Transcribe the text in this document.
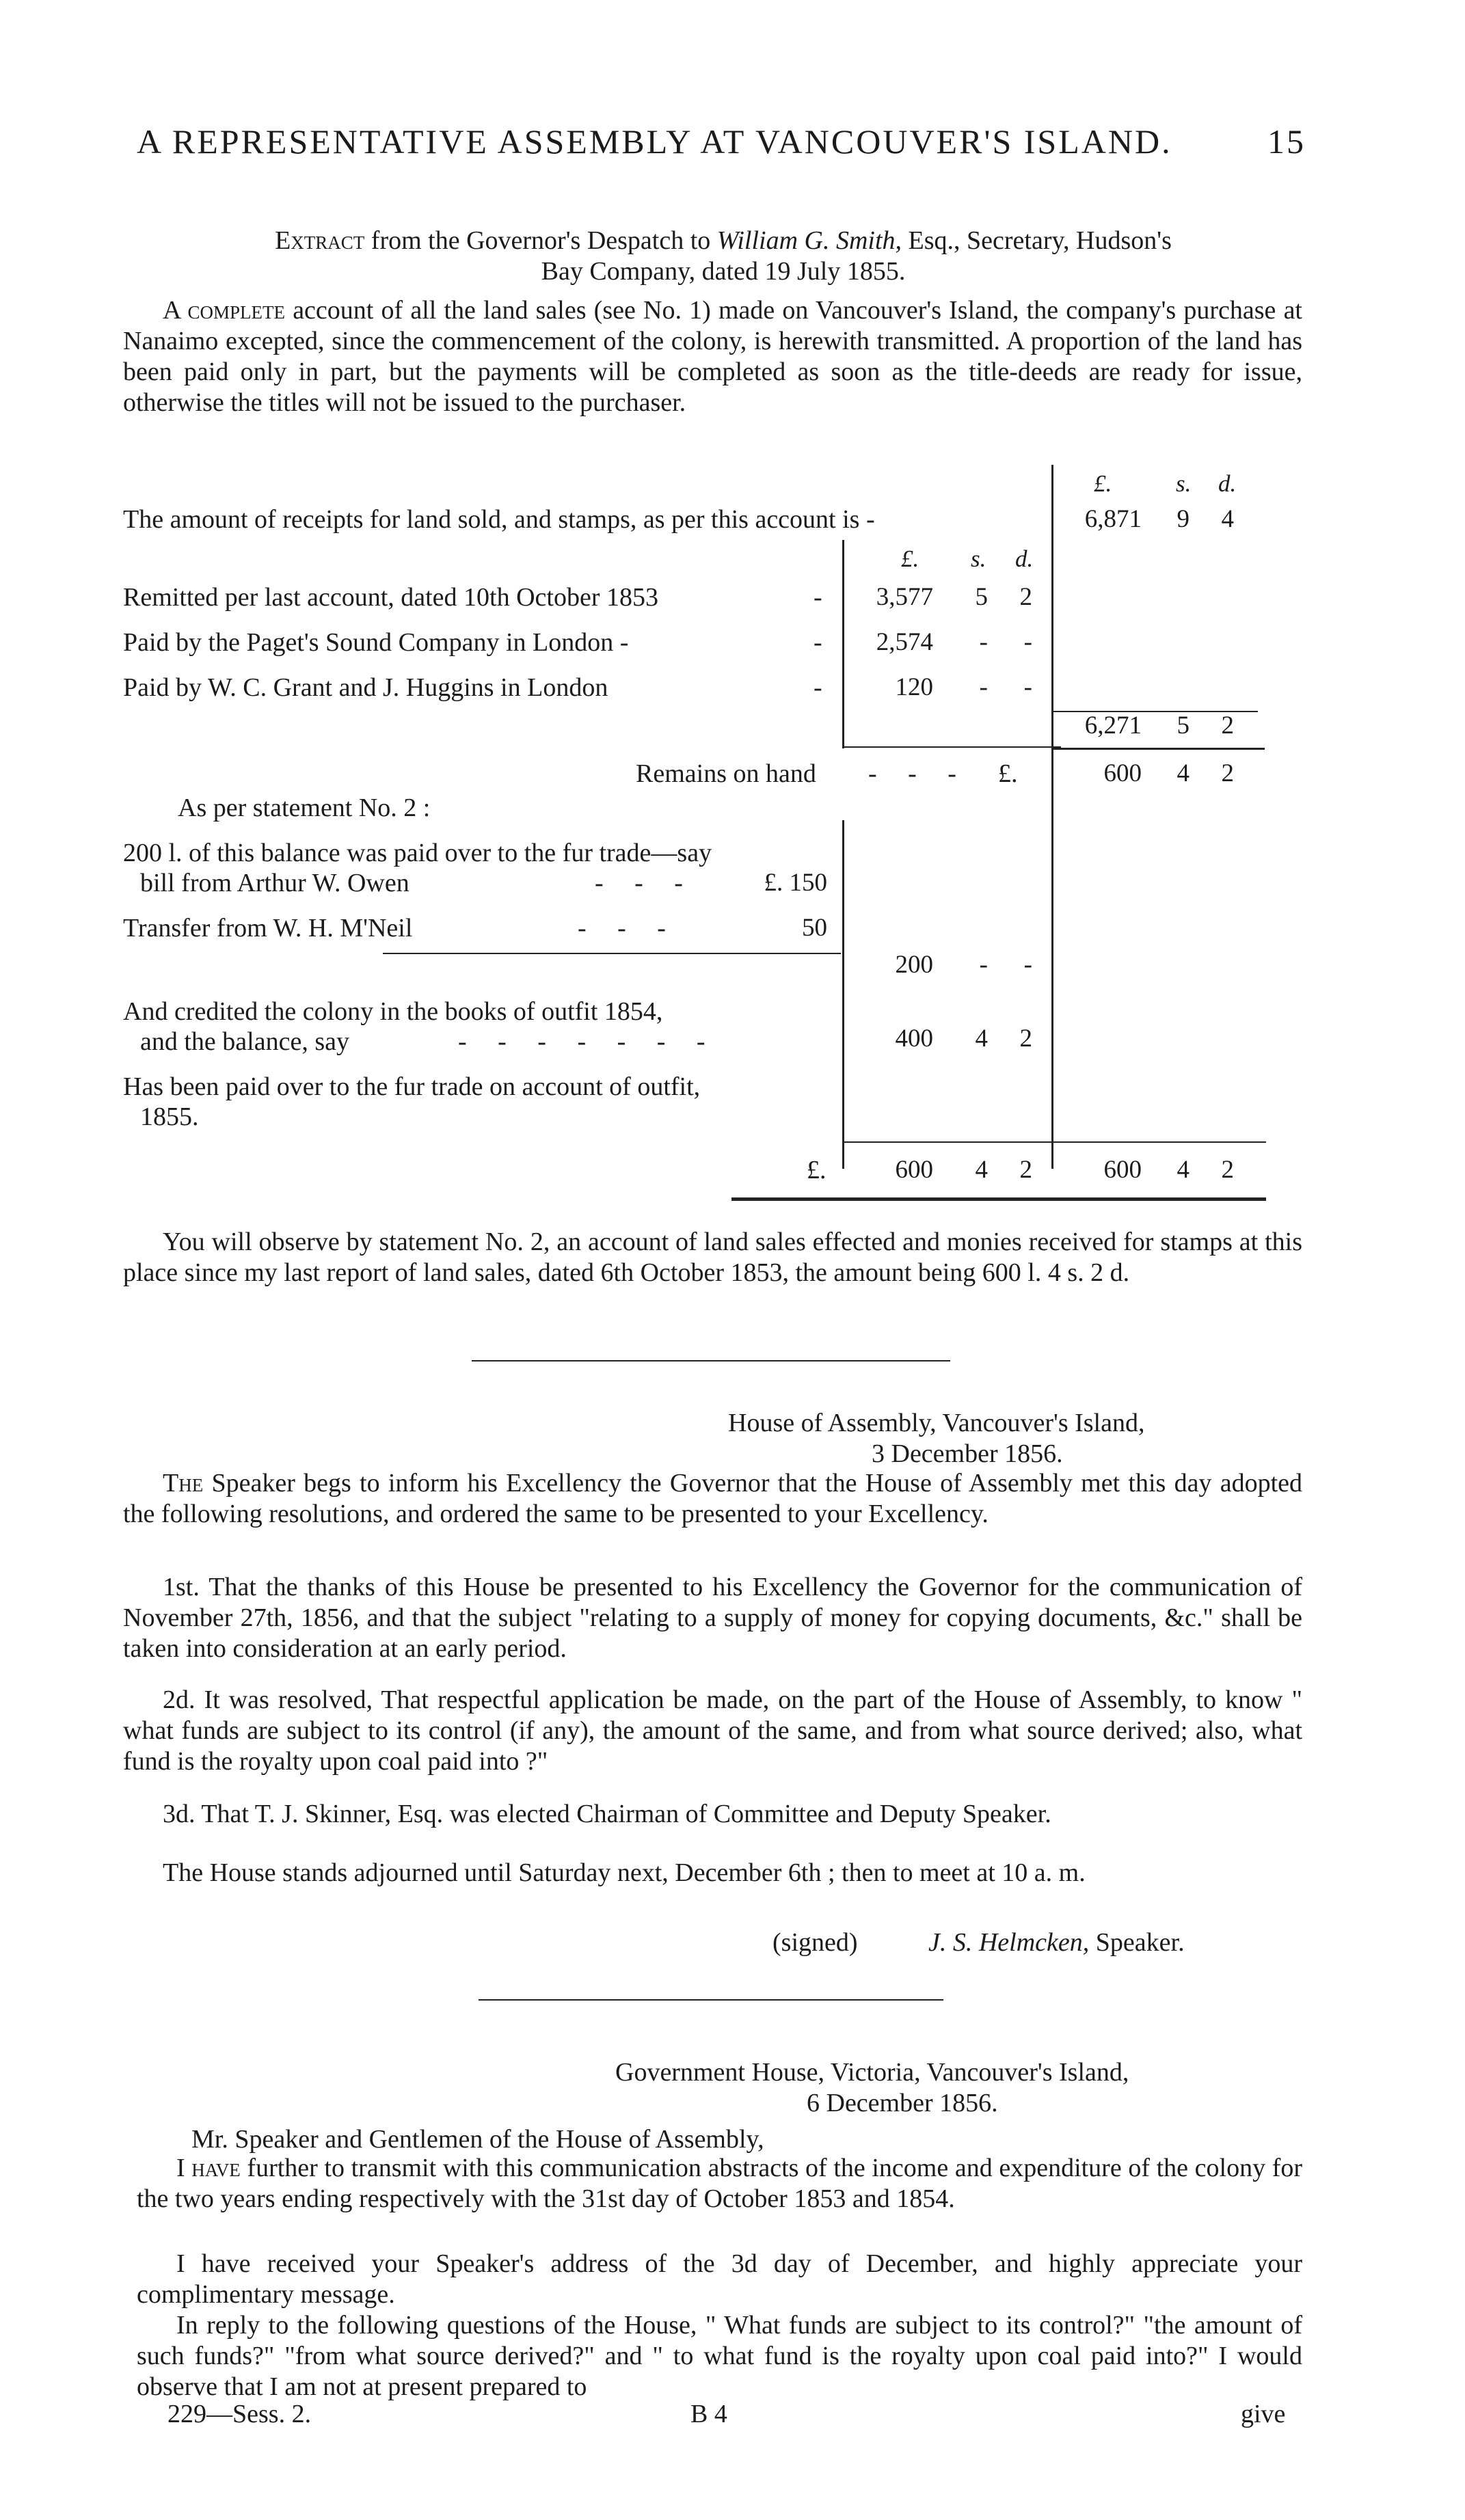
A REPRESENTATIVE ASSEMBLY AT VANCOUVER'S ISLAND.	15
Extract from the Governor's Despatch to William G. Smith, Esq., Secretary, Hudson's
Bay Company, dated 19 July 1855.
A complete account of all the land sales (see No. 1) made on Vancouver's Island, the company's purchase at Nanaimo excepted, since the commencement of the colony, is herewith transmitted. A proportion of the land has been paid only in part, but the payments will be completed as soon as the title-deeds are ready for issue, otherwise the titles will not be issued to the purchaser.
£.	s. d.
The amount of receipts for land sold, and stamps, as per this account is -	6,871	9	4
£. s. d.
Remitted per last account, dated 10th October 1853	-	3,577	5	2
Paid by the Paget's Sound Company in London -	-	2,574	-	-
Paid by W. C. Grant and J. Huggins in London	-	120	-	-
6,271	5	2
Remains on hand - - - £.	600	4	2
As per statement No. 2 :
200 l. of this balance was paid over to the fur trade—say
bill from Arthur W. Owen	- - -	£. 150
Transfer from W. H. M'Neil	- - -	50
200	-	-
And credited the colony in the books of outfit 1854,
and the balance, say	- - - - - - -	400	4	2
Has been paid over to the fur trade on account of outfit,
1855.
£.	600	4	2	600	4	2
You will observe by statement No. 2, an account of land sales effected and monies received for stamps at this place since my last report of land sales, dated 6th October 1853, the amount being 600 l. 4 s. 2 d.
House of Assembly, Vancouver's Island,
3 December 1856.
The Speaker begs to inform his Excellency the Governor that the House of Assembly met this day adopted the following resolutions, and ordered the same to be presented to your Excellency.
1st. That the thanks of this House be presented to his Excellency the Governor for the communication of November 27th, 1856, and that the subject "relating to a supply of money for copying documents, &c." shall be taken into consideration at an early period.
2d. It was resolved, That respectful application be made, on the part of the House of Assembly, to know " what funds are subject to its control (if any), the amount of the same, and from what source derived; also, what fund is the royalty upon coal paid into ?"
3d. That T. J. Skinner, Esq. was elected Chairman of Committee and Deputy Speaker.
The House stands adjourned until Saturday next, December 6th ; then to meet at 10 a. m.
(signed)	J. S. Helmcken, Speaker.
Government House, Victoria, Vancouver's Island,
6 December 1856.
Mr. Speaker and Gentlemen of the House of Assembly,
I have further to transmit with this communication abstracts of the income and expenditure of the colony for the two years ending respectively with the 31st day of October 1853 and 1854.
I have received your Speaker's address of the 3d day of December, and highly appreciate your complimentary message.
In reply to the following questions of the House, " What funds are subject to its control?" "the amount of such funds?" "from what source derived?" and " to what fund is the royalty upon coal paid into?" I would observe that I am not at present prepared to
229—Sess. 2.	B 4	give
